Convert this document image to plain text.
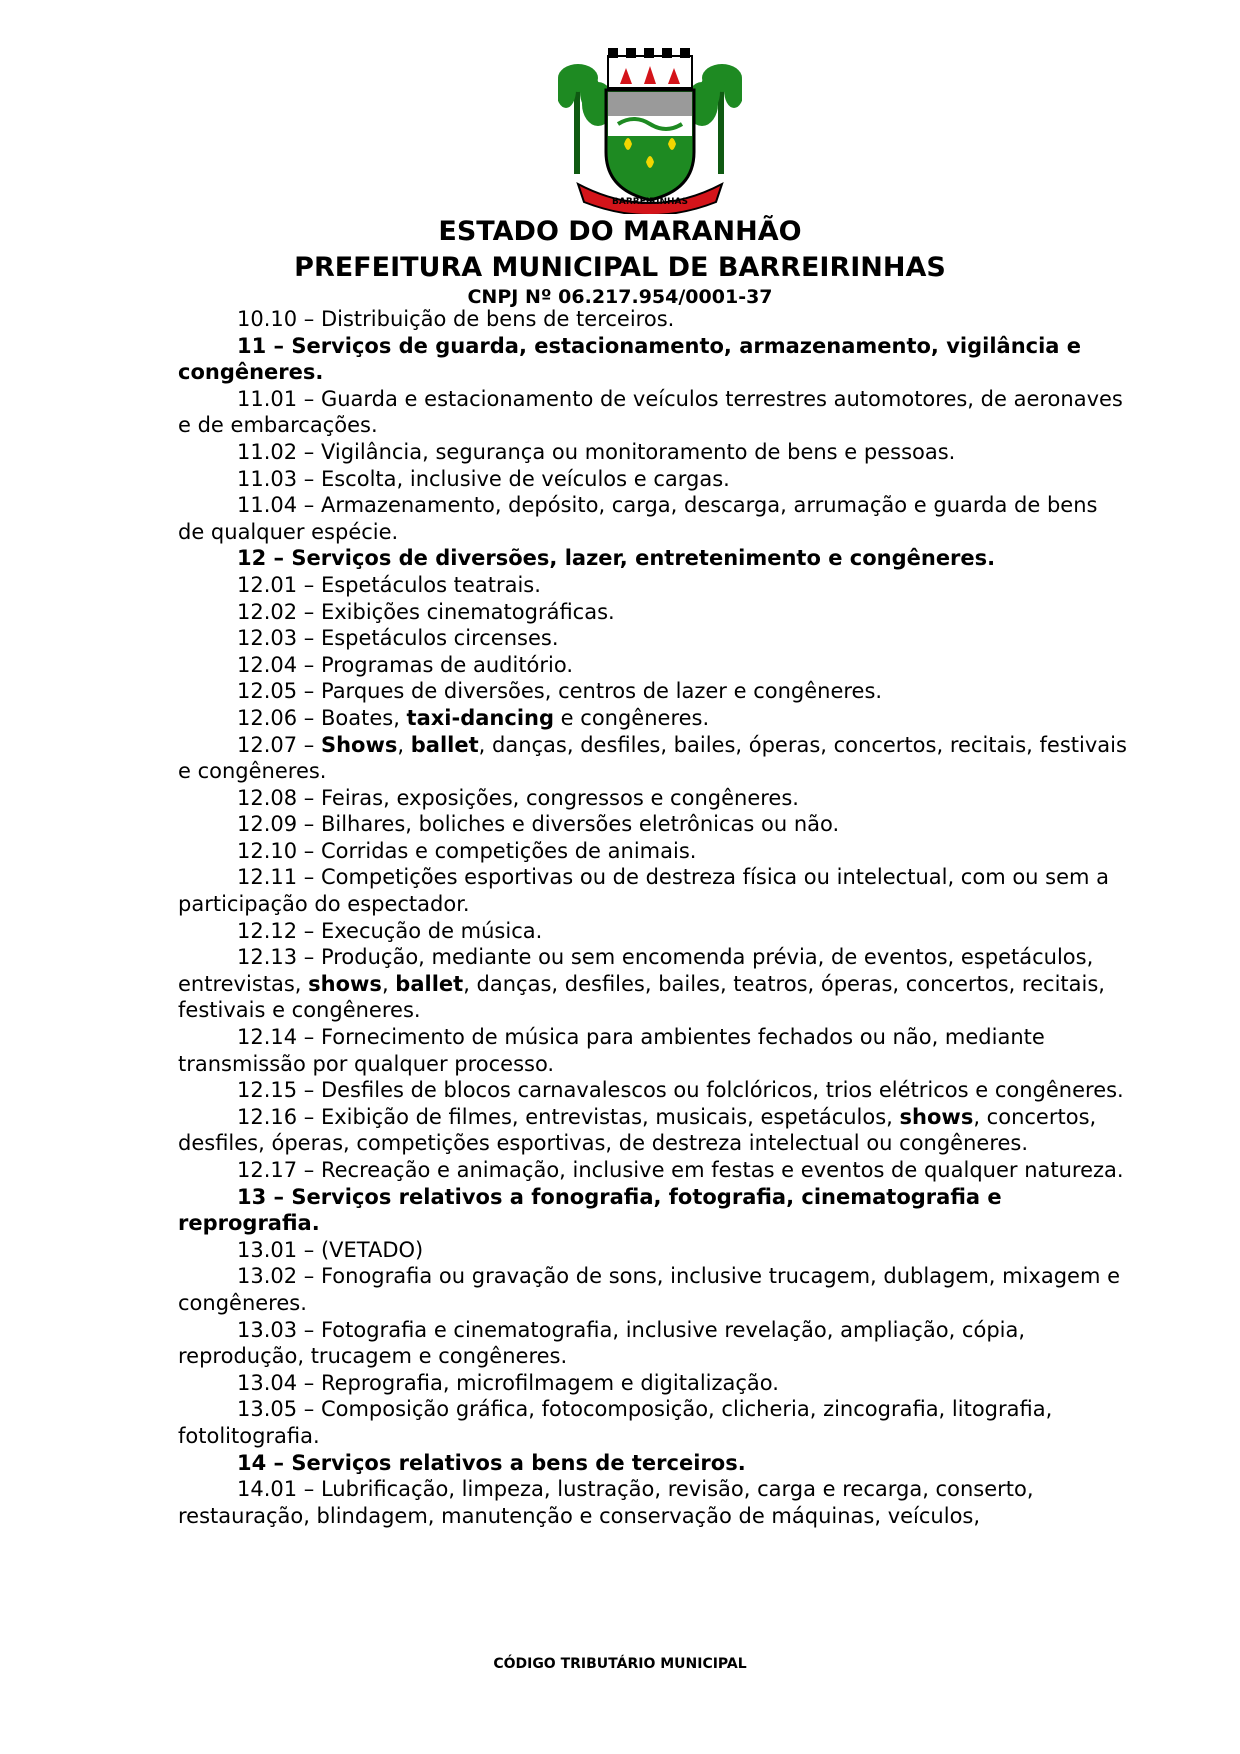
BARREIRINHAS
ESTADO DO MARANHÃO
PREFEITURA MUNICIPAL DE BARREIRINHAS
CNPJ Nº 06.217.954/0001-37

10.10 – Distribuição de bens de terceiros.

11 – Serviços de guarda, estacionamento, armazenamento, vigilância e congêneres.

11.01 – Guarda e estacionamento de veículos terrestres automotores, de aeronaves e de embarcações.

11.02 – Vigilância, segurança ou monitoramento de bens e pessoas.

11.03 – Escolta, inclusive de veículos e cargas.

11.04 – Armazenamento, depósito, carga, descarga, arrumação e guarda de bens de qualquer espécie.

12 – Serviços de diversões, lazer, entretenimento e congêneres.

12.01 – Espetáculos teatrais.

12.02 – Exibições cinematográficas.

12.03 – Espetáculos circenses.

12.04 – Programas de auditório.

12.05 – Parques de diversões, centros de lazer e congêneres.

12.06 – Boates, taxi-dancing e congêneres.

12.07 – Shows, ballet, danças, desfiles, bailes, óperas, concertos, recitais, festivais e congêneres.

12.08 – Feiras, exposições, congressos e congêneres.

12.09 – Bilhares, boliches e diversões eletrônicas ou não.

12.10 – Corridas e competições de animais.

12.11 – Competições esportivas ou de destreza física ou intelectual, com ou sem a participação do espectador.

12.12 – Execução de música.

12.13 – Produção, mediante ou sem encomenda prévia, de eventos, espetáculos, entrevistas, shows, ballet, danças, desfiles, bailes, teatros, óperas, concertos, recitais, festivais e congêneres.

12.14 – Fornecimento de música para ambientes fechados ou não, mediante transmissão por qualquer processo.

12.15 – Desfiles de blocos carnavalescos ou folclóricos, trios elétricos e congêneres.

12.16 – Exibição de filmes, entrevistas, musicais, espetáculos, shows, concertos, desfiles, óperas, competições esportivas, de destreza intelectual ou congêneres.

12.17 – Recreação e animação, inclusive em festas e eventos de qualquer natureza.

13 – Serviços relativos a fonografia, fotografia, cinematografia e reprografia.

13.01 – (VETADO)

13.02 – Fonografia ou gravação de sons, inclusive trucagem, dublagem, mixagem e congêneres.

13.03 – Fotografia e cinematografia, inclusive revelação, ampliação, cópia, reprodução, trucagem e congêneres.

13.04 – Reprografia, microfilmagem e digitalização.

13.05 – Composição gráfica, fotocomposição, clicheria, zincografia, litografia, fotolitografia.

14 – Serviços relativos a bens de terceiros.

14.01 – Lubrificação, limpeza, lustração, revisão, carga e recarga, conserto, restauração, blindagem, manutenção e conservação de máquinas, veículos,

CÓDIGO TRIBUTÁRIO MUNICIPAL
